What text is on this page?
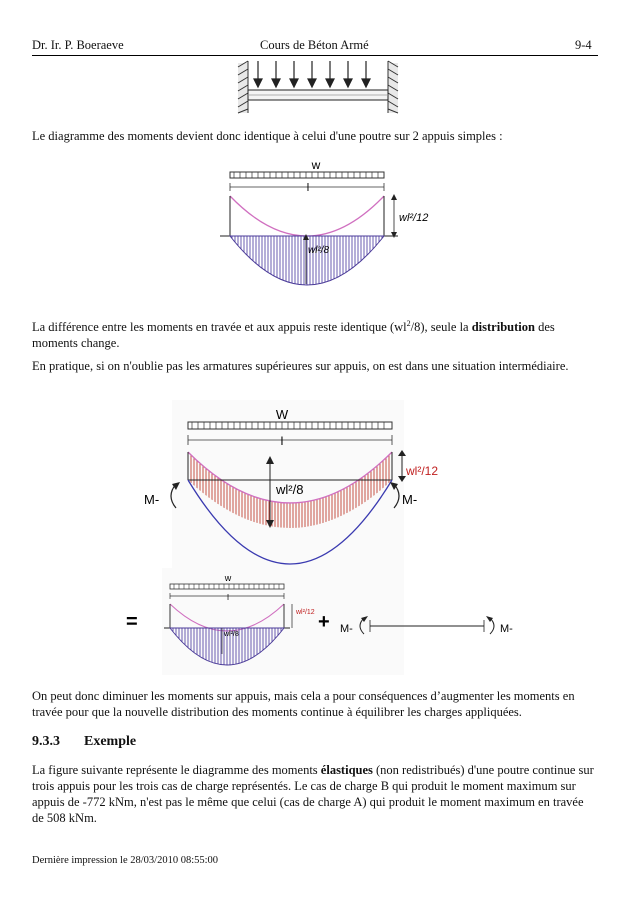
Dr. Ir. P. Boeraeve	Cours de Béton Armé	9-4

Le diagramme des moments devient donc identique à celui d'une poutre sur 2 appuis simples :

w
l
wl²/12
wl²/8

La différence entre les moments en travée et aux appuis reste identique $(wl^2/8)$, seule la distribution des moments change.

En pratique, si on n'oublie pas les armatures supérieures sur appuis, on est dans une situation intermédiaire.

W
l
wl²/8
wl²/12
M-	M-
=
w
l
wl²/12
wl²/8
+ M-	M-

On peut donc diminuer les moments sur appuis, mais cela a pour conséquences d’augmenter les moments en travée pour que la nouvelle distribution des moments continue à équilibrer les charges appliquées.

9.3.3 Exemple

La figure suivante représente le diagramme des moments élastiques (non redistribués) d'une poutre continue sur trois appuis pour les trois cas de charge représentés. Le cas de charge B qui produit le moment maximum sur appuis de -772 kNm, n'est pas le même que celui (cas de charge A) qui produit le moment maximum en travée de 508 kNm.

Dernière impression le 28/03/2010 08:55:00
